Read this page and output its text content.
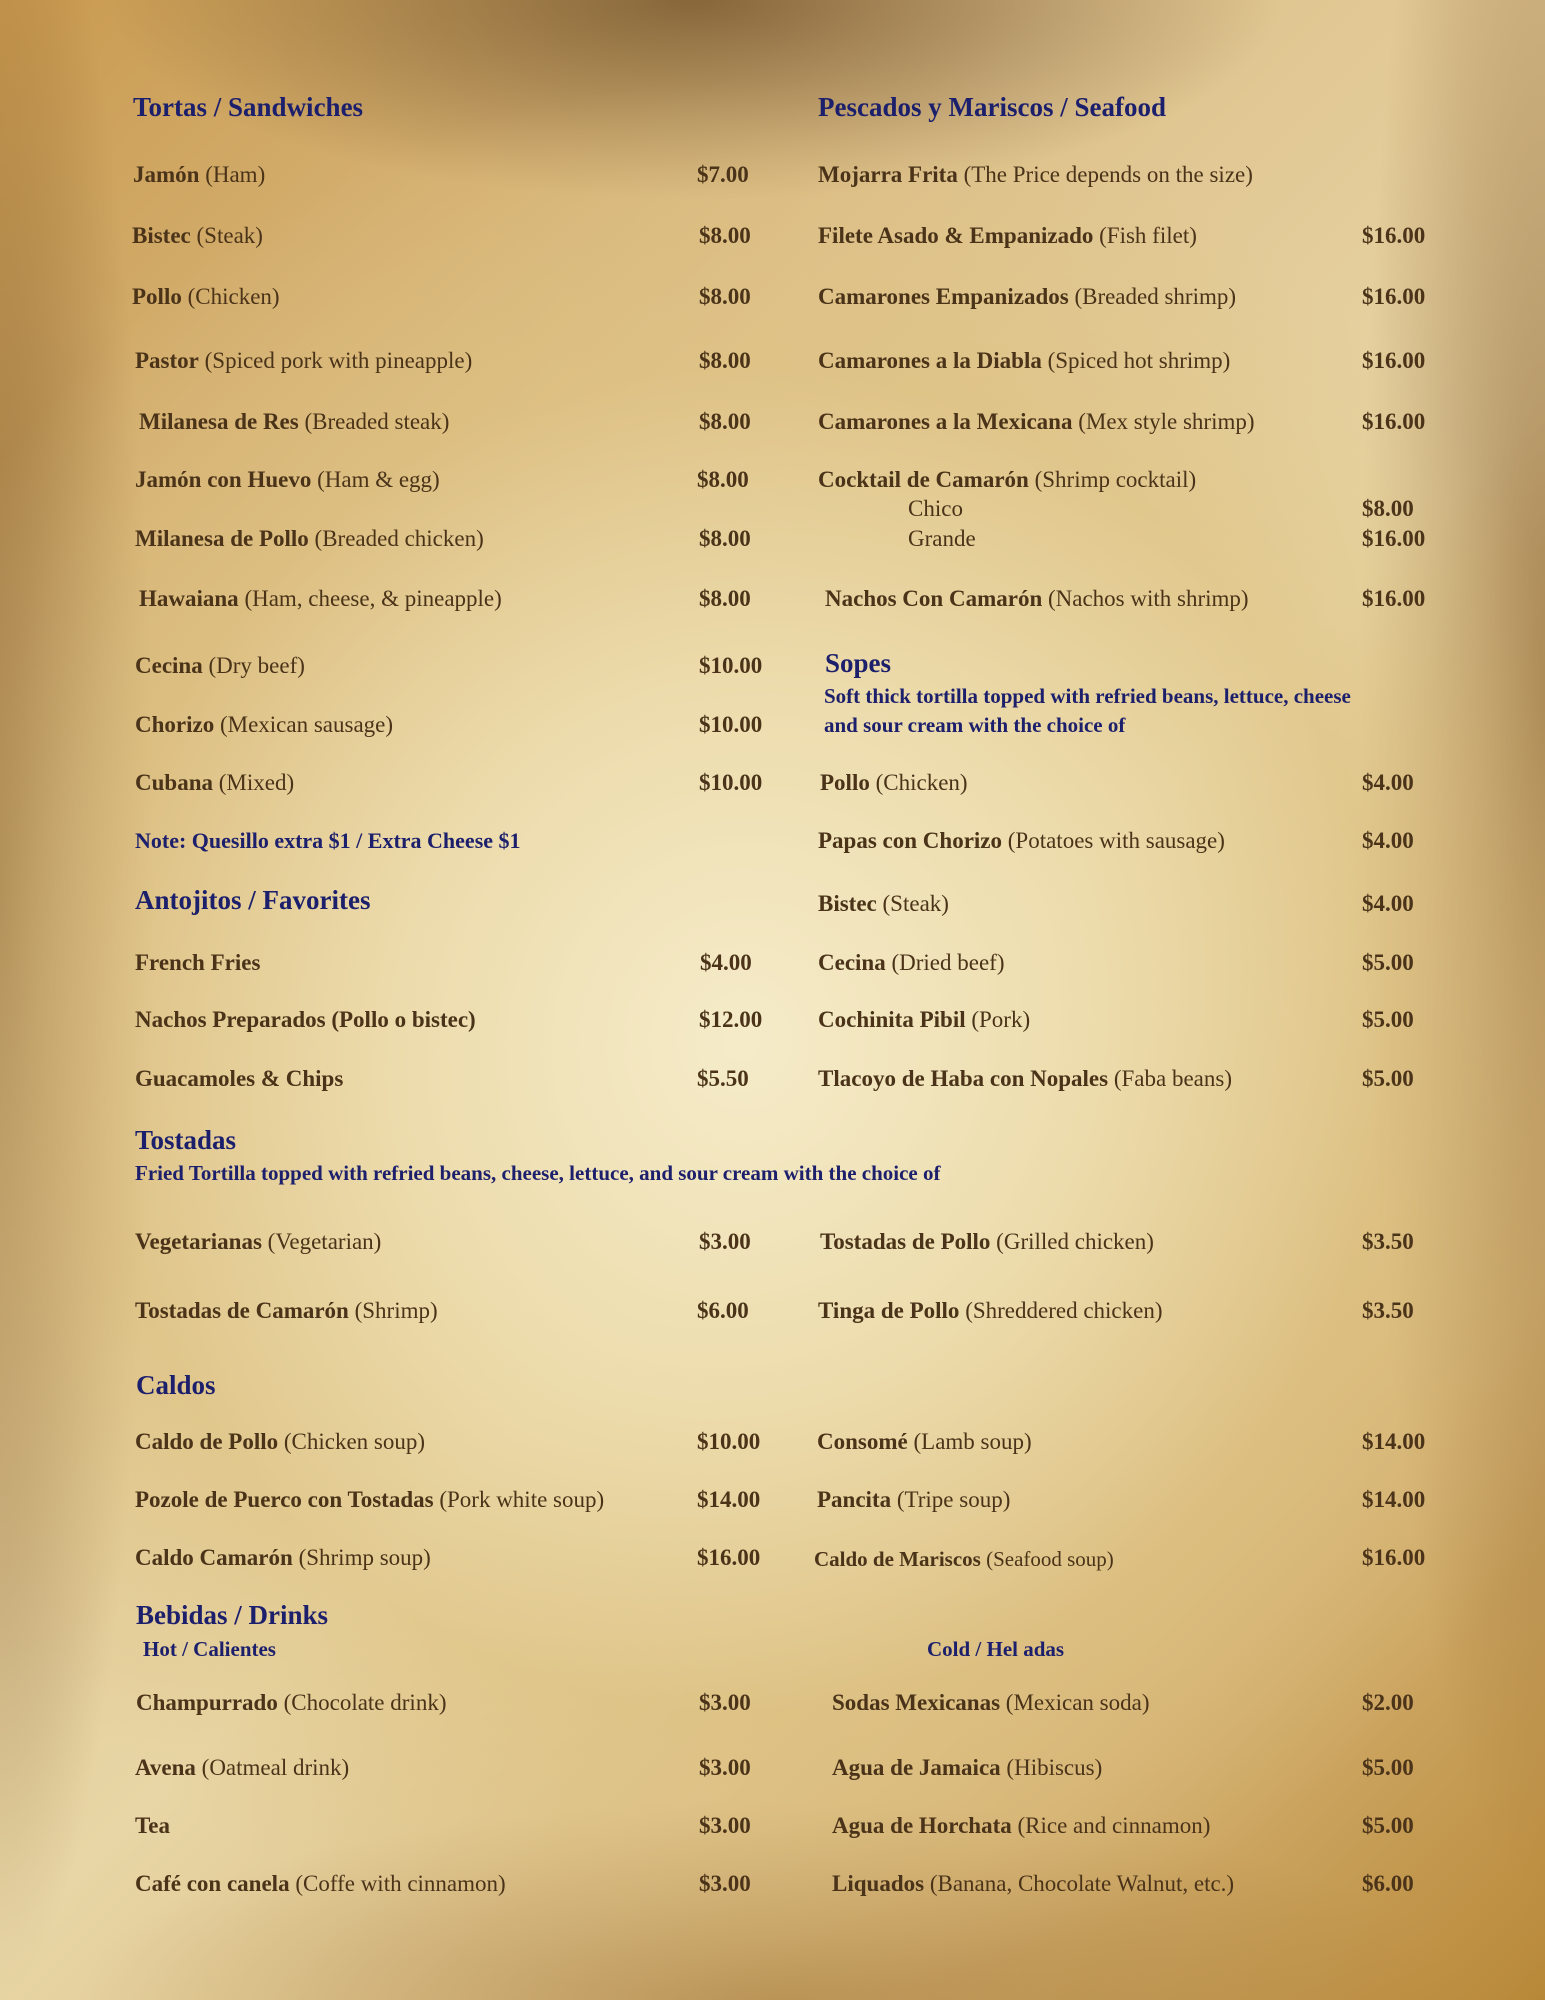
Tortas / Sandwiches
Jamón (Ham)	$7.00
Bistec (Steak)	$8.00
Pollo (Chicken)	$8.00
Pastor (Spiced pork with pineapple)	$8.00
Milanesa de Res (Breaded steak)	$8.00
Jamón con Huevo (Ham & egg)	$8.00
Milanesa de Pollo (Breaded chicken)	$8.00
Hawaiana (Ham, cheese, & pineapple)	$8.00
Cecina (Dry beef)	$10.00
Chorizo (Mexican sausage)	$10.00
Cubana (Mixed)	$10.00
Note: Quesillo extra $1 / Extra Cheese $1
Antojitos / Favorites
French Fries	$4.00
Nachos Preparados (Pollo o bistec)	$12.00
Guacamoles & Chips	$5.50
Pescados y Mariscos / Seafood
Mojarra Frita (The Price depends on the size)
Filete Asado & Empanizado (Fish filet)	$16.00
Camarones Empanizados (Breaded shrimp)	$16.00
Camarones a la Diabla (Spiced hot shrimp)	$16.00
Camarones a la Mexicana (Mex style shrimp)	$16.00
Cocktail de Camarón (Shrimp cocktail)
Chico	$8.00
Grande	$16.00
Nachos Con Camarón (Nachos with shrimp)	$16.00
Sopes
Soft thick tortilla topped with refried beans, lettuce, cheese and sour cream with the choice of
Pollo (Chicken)	$4.00
Papas con Chorizo (Potatoes with sausage)	$4.00
Bistec (Steak)	$4.00
Cecina (Dried beef)	$5.00
Cochinita Pibil (Pork)	$5.00
Tlacoyo de Haba con Nopales (Faba beans)	$5.00
Tostadas
Fried Tortilla topped with refried beans, cheese, lettuce, and sour cream with the choice of
Vegetarianas (Vegetarian)	$3.00
Tostadas de Camarón (Shrimp)	$6.00
Tostadas de Pollo (Grilled chicken)	$3.50
Tinga de Pollo (Shreddered chicken)	$3.50
Caldos
Caldo de Pollo (Chicken soup)	$10.00
Pozole de Puerco con Tostadas (Pork white soup)	$14.00
Caldo Camarón (Shrimp soup)	$16.00
Consomé (Lamb soup)	$14.00
Pancita (Tripe soup)	$14.00
Caldo de Mariscos (Seafood soup)	$16.00
Bebidas / Drinks
Hot / Calientes	Cold / Hel adas
Champurrado (Chocolate drink)	$3.00
Avena (Oatmeal drink)	$3.00
Tea	$3.00
Café con canela (Coffe with cinnamon)	$3.00
Sodas Mexicanas (Mexican soda)	$2.00
Agua de Jamaica (Hibiscus)	$5.00
Agua de Horchata (Rice and cinnamon)	$5.00
Liquados (Banana, Chocolate Walnut, etc.)	$6.00
